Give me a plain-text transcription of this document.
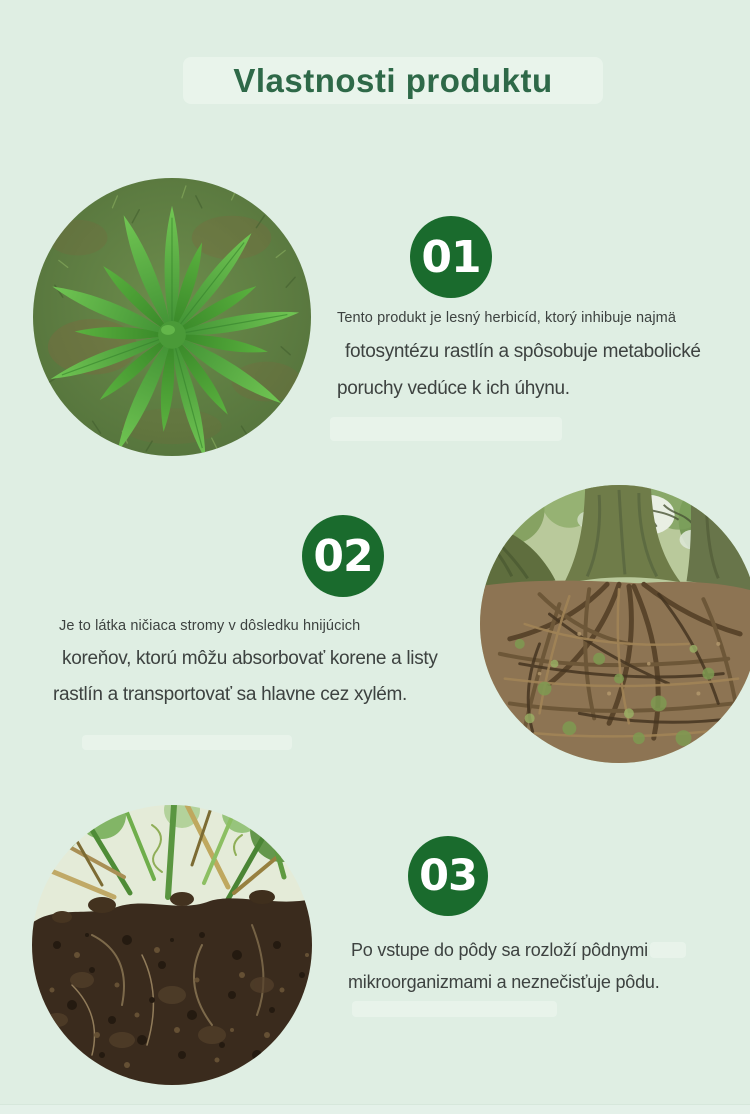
Vlastnosti produktu
01
Tento produkt je lesný herbicíd, ktorý inhibuje najmä
fotosyntézu rastlín a spôsobuje metabolické
poruchy vedúce k ich úhynu.
02
Je to látka ničiaca stromy v dôsledku hnijúcich
koreňov, ktorú môžu absorbovať korene a listy
rastlín a transportovať sa hlavne cez xylém.
03
Po vstupe do pôdy sa rozloží pôdnymi
mikroorganizmami a neznečisťuje pôdu.
